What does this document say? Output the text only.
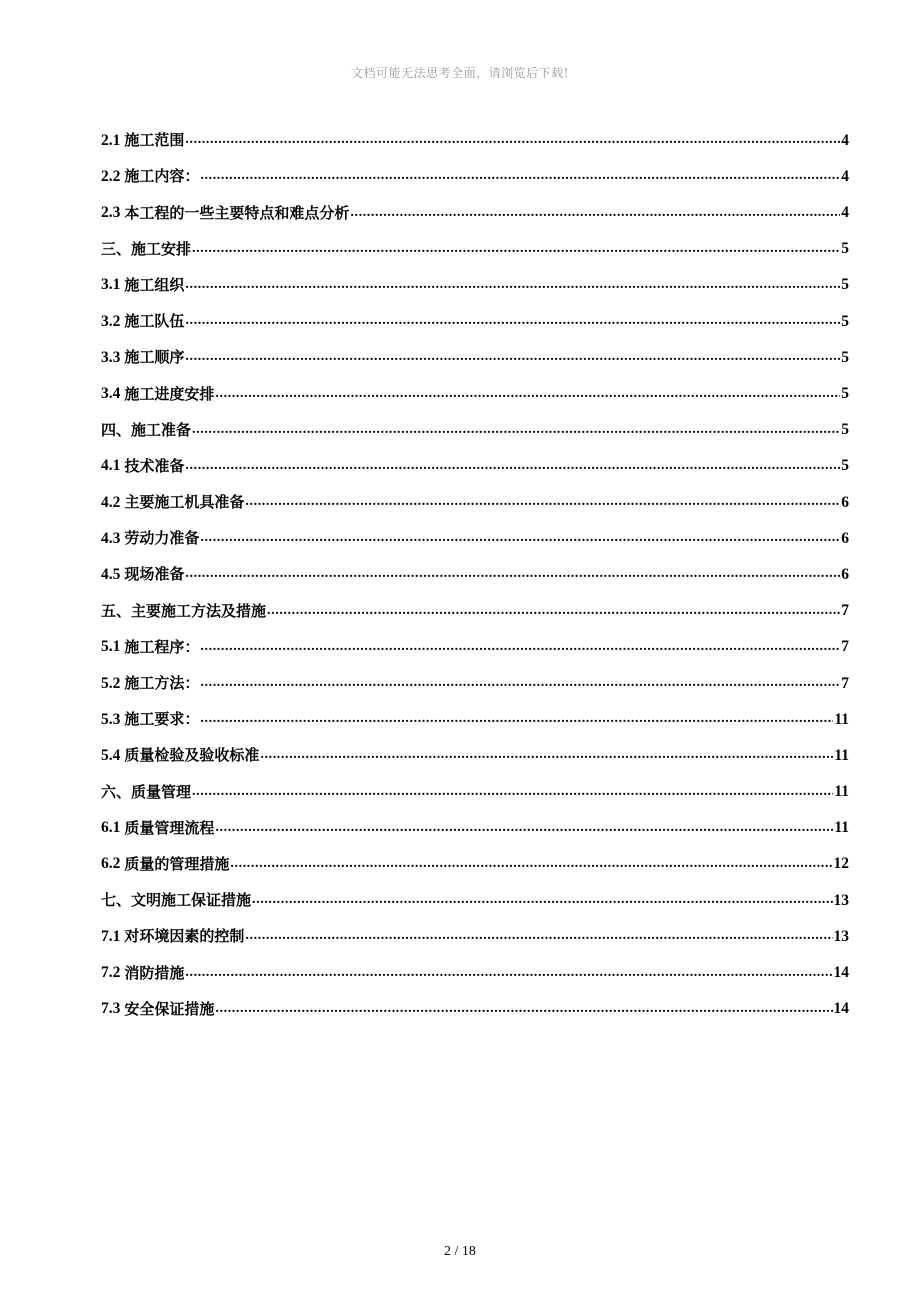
文档可能无法思考全面，请浏览后下载!
2.1 施工范围 .....	4
2.2 施工内容： .....	4
2.3 本工程的一些主要特点和难点分析 .....	4
三、施工安排 .....	5
3.1 施工组织 .....	5
3.2 施工队伍 .....	5
3.3 施工顺序 .....	5
3.4 施工进度安排 .....	5
四、施工准备 .....	5
4.1 技术准备 .....	5
4.2 主要施工机具准备 .....	6
4.3 劳动力准备 .....	6
4.5 现场准备 .....	6
五、主要施工方法及措施 .....	7
5.1 施工程序： .....	7
5.2 施工方法： .....	7
5.3 施工要求： .....	11
5.4 质量检验及验收标准 .....	11
六、质量管理 .....	11
6.1 质量管理流程 .....	11
6.2 质量的管理措施 .....	12
七、文明施工保证措施 .....	13
7.1 对环境因素的控制 .....	13
7.2 消防措施 .....	14
7.3 安全保证措施 .....	14
2 / 18
